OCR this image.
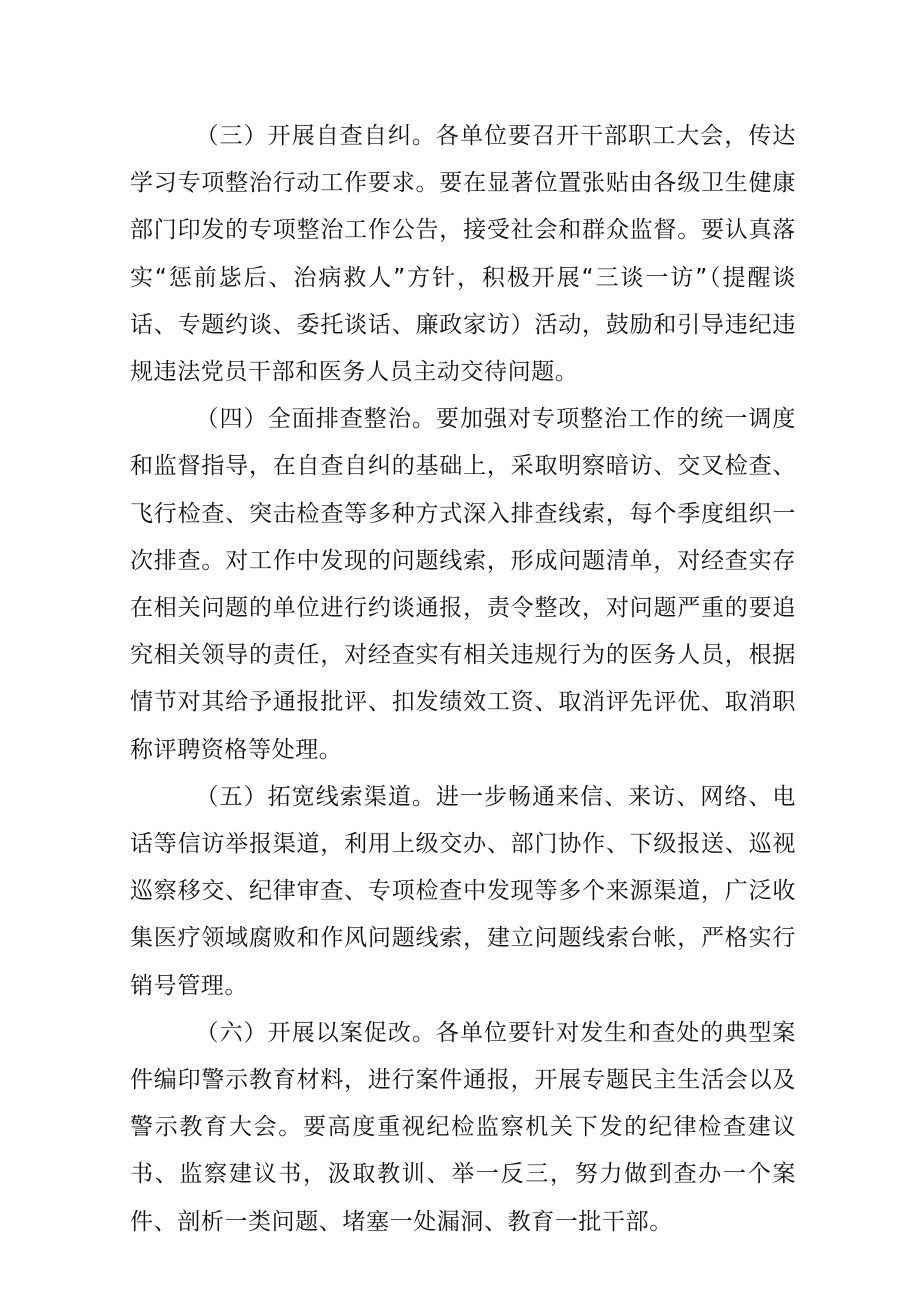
（三）开展自查自纠。各单位要召开干部职工大会，传达学习专项整治行动工作要求。要在显著位置张贴由各级卫生健康部门印发的专项整治工作公告，接受社会和群众监督。要认真落实“惩前毖后、治病救人”方针，积极开展“三谈一访”（提醒谈话、专题约谈、委托谈话、廉政家访）活动，鼓励和引导违纪违规违法党员干部和医务人员主动交待问题。

（四）全面排查整治。要加强对专项整治工作的统一调度和监督指导，在自查自纠的基础上，采取明察暗访、交叉检查、飞行检查、突击检查等多种方式深入排查线索，每个季度组织一次排查。对工作中发现的问题线索，形成问题清单，对经查实存在相关问题的单位进行约谈通报，责令整改，对问题严重的要追究相关领导的责任，对经查实有相关违规行为的医务人员，根据情节对其给予通报批评、扣发绩效工资、取消评先评优、取消职称评聘资格等处理。

（五）拓宽线索渠道。进一步畅通来信、来访、网络、电话等信访举报渠道，利用上级交办、部门协作、下级报送、巡视巡察移交、纪律审查、专项检查中发现等多个来源渠道，广泛收集医疗领域腐败和作风问题线索，建立问题线索台帐，严格实行销号管理。

（六）开展以案促改。各单位要针对发生和查处的典型案件编印警示教育材料，进行案件通报，开展专题民主生活会以及警示教育大会。要高度重视纪检监察机关下发的纪律检查建议书、监察建议书，汲取教训、举一反三，努力做到查办一个案件、剖析一类问题、堵塞一处漏洞、教育一批干部。
